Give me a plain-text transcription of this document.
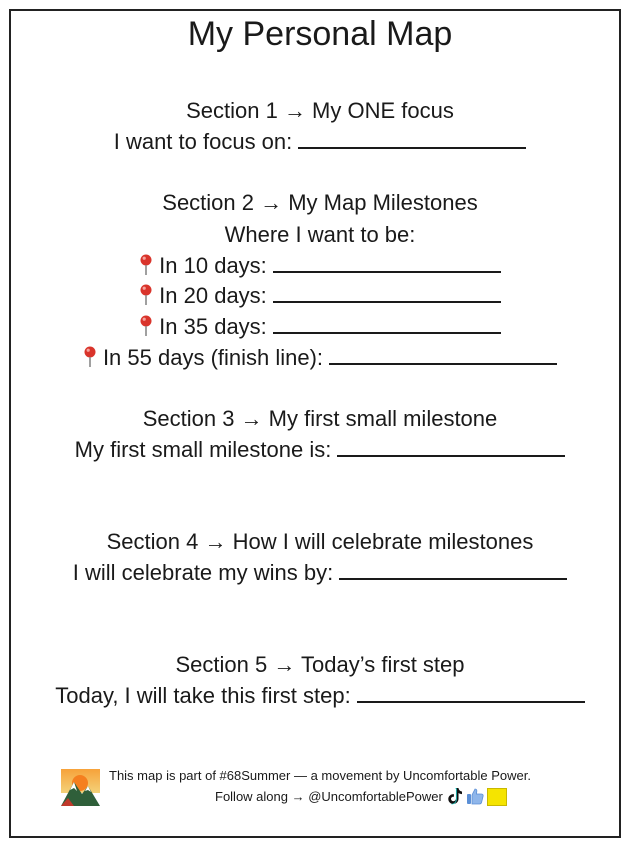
My Personal Map
Section 1 → My ONE focus
I want to focus on:
Section 2 → My Map Milestones
Where I want to be:
In 10 days:
In 20 days:
In 35 days:
In 55 days (finish line):
Section 3 → My first small milestone
My first small milestone is:
Section 4 → How I will celebrate milestones
I will celebrate my wins by:
Section 5 → Today’s first step
Today, I will take this first step:
This map is part of #68Summer — a movement by Uncomfortable Power.
Follow along → @UncomfortablePower
